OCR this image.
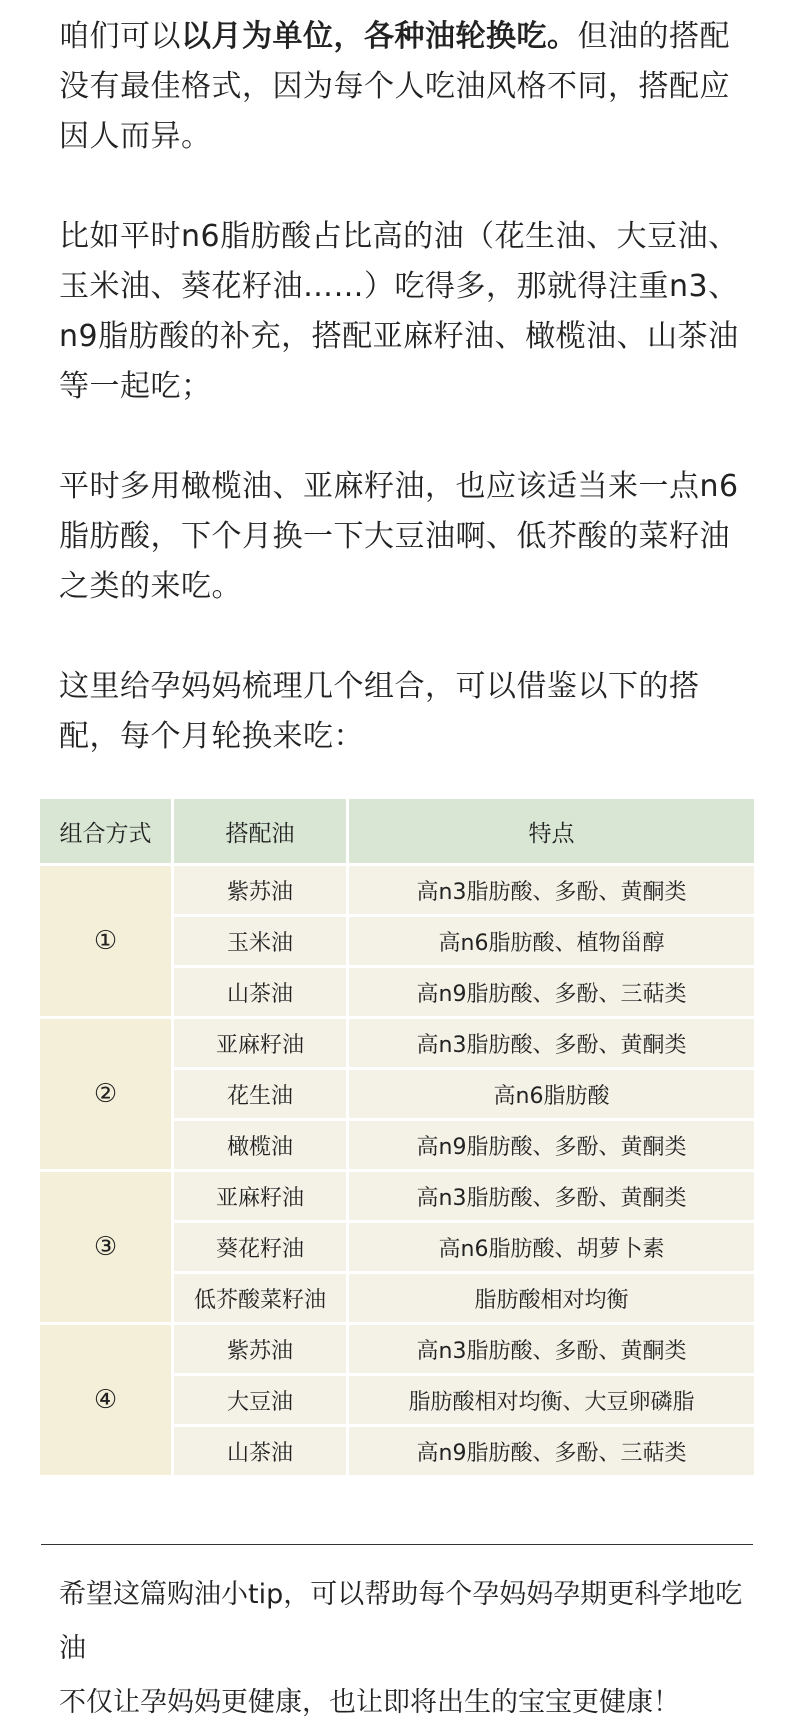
咱们可以以月为单位，各种油轮换吃。但油的搭配没有最佳格式，因为每个人吃油风格不同，搭配应因人而异。

比如平时n6脂肪酸占比高的油（花生油、大豆油、玉米油、葵花籽油……）吃得多，那就得注重n3、n9脂肪酸的补充，搭配亚麻籽油、橄榄油、山茶油等一起吃；

平时多用橄榄油、亚麻籽油，也应该适当来一点n6脂肪酸，下个月换一下大豆油啊、低芥酸的菜籽油之类的来吃。

这里给孕妈妈梳理几个组合，可以借鉴以下的搭配，每个月轮换来吃：

组合方式	搭配油	特点
①	紫苏油	高n3脂肪酸、多酚、黄酮类
	玉米油	高n6脂肪酸、植物甾醇
	山茶油	高n9脂肪酸、多酚、三萜类
②	亚麻籽油	高n3脂肪酸、多酚、黄酮类
	花生油	高n6脂肪酸
	橄榄油	高n9脂肪酸、多酚、黄酮类
③	亚麻籽油	高n3脂肪酸、多酚、黄酮类
	葵花籽油	高n6脂肪酸、胡萝卜素
	低芥酸菜籽油	脂肪酸相对均衡
④	紫苏油	高n3脂肪酸、多酚、黄酮类
	大豆油	脂肪酸相对均衡、大豆卵磷脂
	山茶油	高n9脂肪酸、多酚、三萜类

希望这篇购油小tip，可以帮助每个孕妈妈孕期更科学地吃油
不仅让孕妈妈更健康，也让即将出生的宝宝更健康！
